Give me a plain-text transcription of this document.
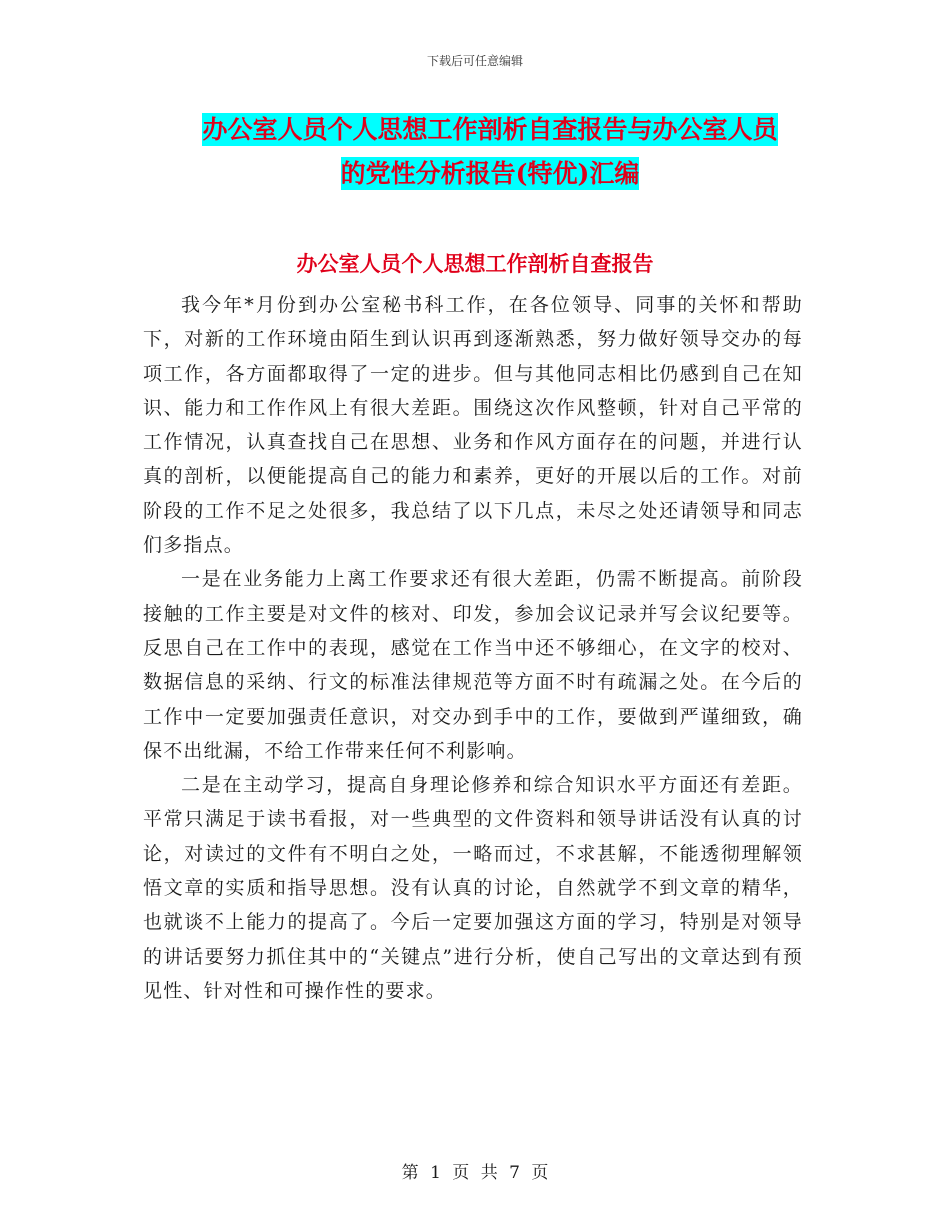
下载后可任意编辑
办公室人员个人思想工作剖析自查报告与办公室人员
的党性分析报告(特优)汇编
办公室人员个人思想工作剖析自查报告

我今年*月份到办公室秘书科工作，在各位领导、同事的关怀和帮助下，对新的工作环境由陌生到认识再到逐渐熟悉，努力做好领导交办的每项工作，各方面都取得了一定的进步。但与其他同志相比仍感到自己在知识、能力和工作作风上有很大差距。围绕这次作风整顿，针对自己平常的工作情况，认真查找自己在思想、业务和作风方面存在的问题，并进行认真的剖析，以便能提高自己的能力和素养，更好的开展以后的工作。对前阶段的工作不足之处很多，我总结了以下几点，未尽之处还请领导和同志们多指点。

一是在业务能力上离工作要求还有很大差距，仍需不断提高。前阶段接触的工作主要是对文件的核对、印发，参加会议记录并写会议纪要等。反思自己在工作中的表现，感觉在工作当中还不够细心，在文字的校对、数据信息的采纳、行文的标准法律规范等方面不时有疏漏之处。在今后的工作中一定要加强责任意识，对交办到手中的工作，要做到严谨细致，确保不出纰漏，不给工作带来任何不利影响。

二是在主动学习，提高自身理论修养和综合知识水平方面还有差距。平常只满足于读书看报，对一些典型的文件资料和领导讲话没有认真的讨论，对读过的文件有不明白之处，一略而过，不求甚解，不能透彻理解领悟文章的实质和指导思想。没有认真的讨论，自然就学不到文章的精华，也就谈不上能力的提高了。今后一定要加强这方面的学习，特别是对领导的讲话要努力抓住其中的“关键点”进行分析，使自己写出的文章达到有预见性、针对性和可操作性的要求。

第 1 页 共 7 页
